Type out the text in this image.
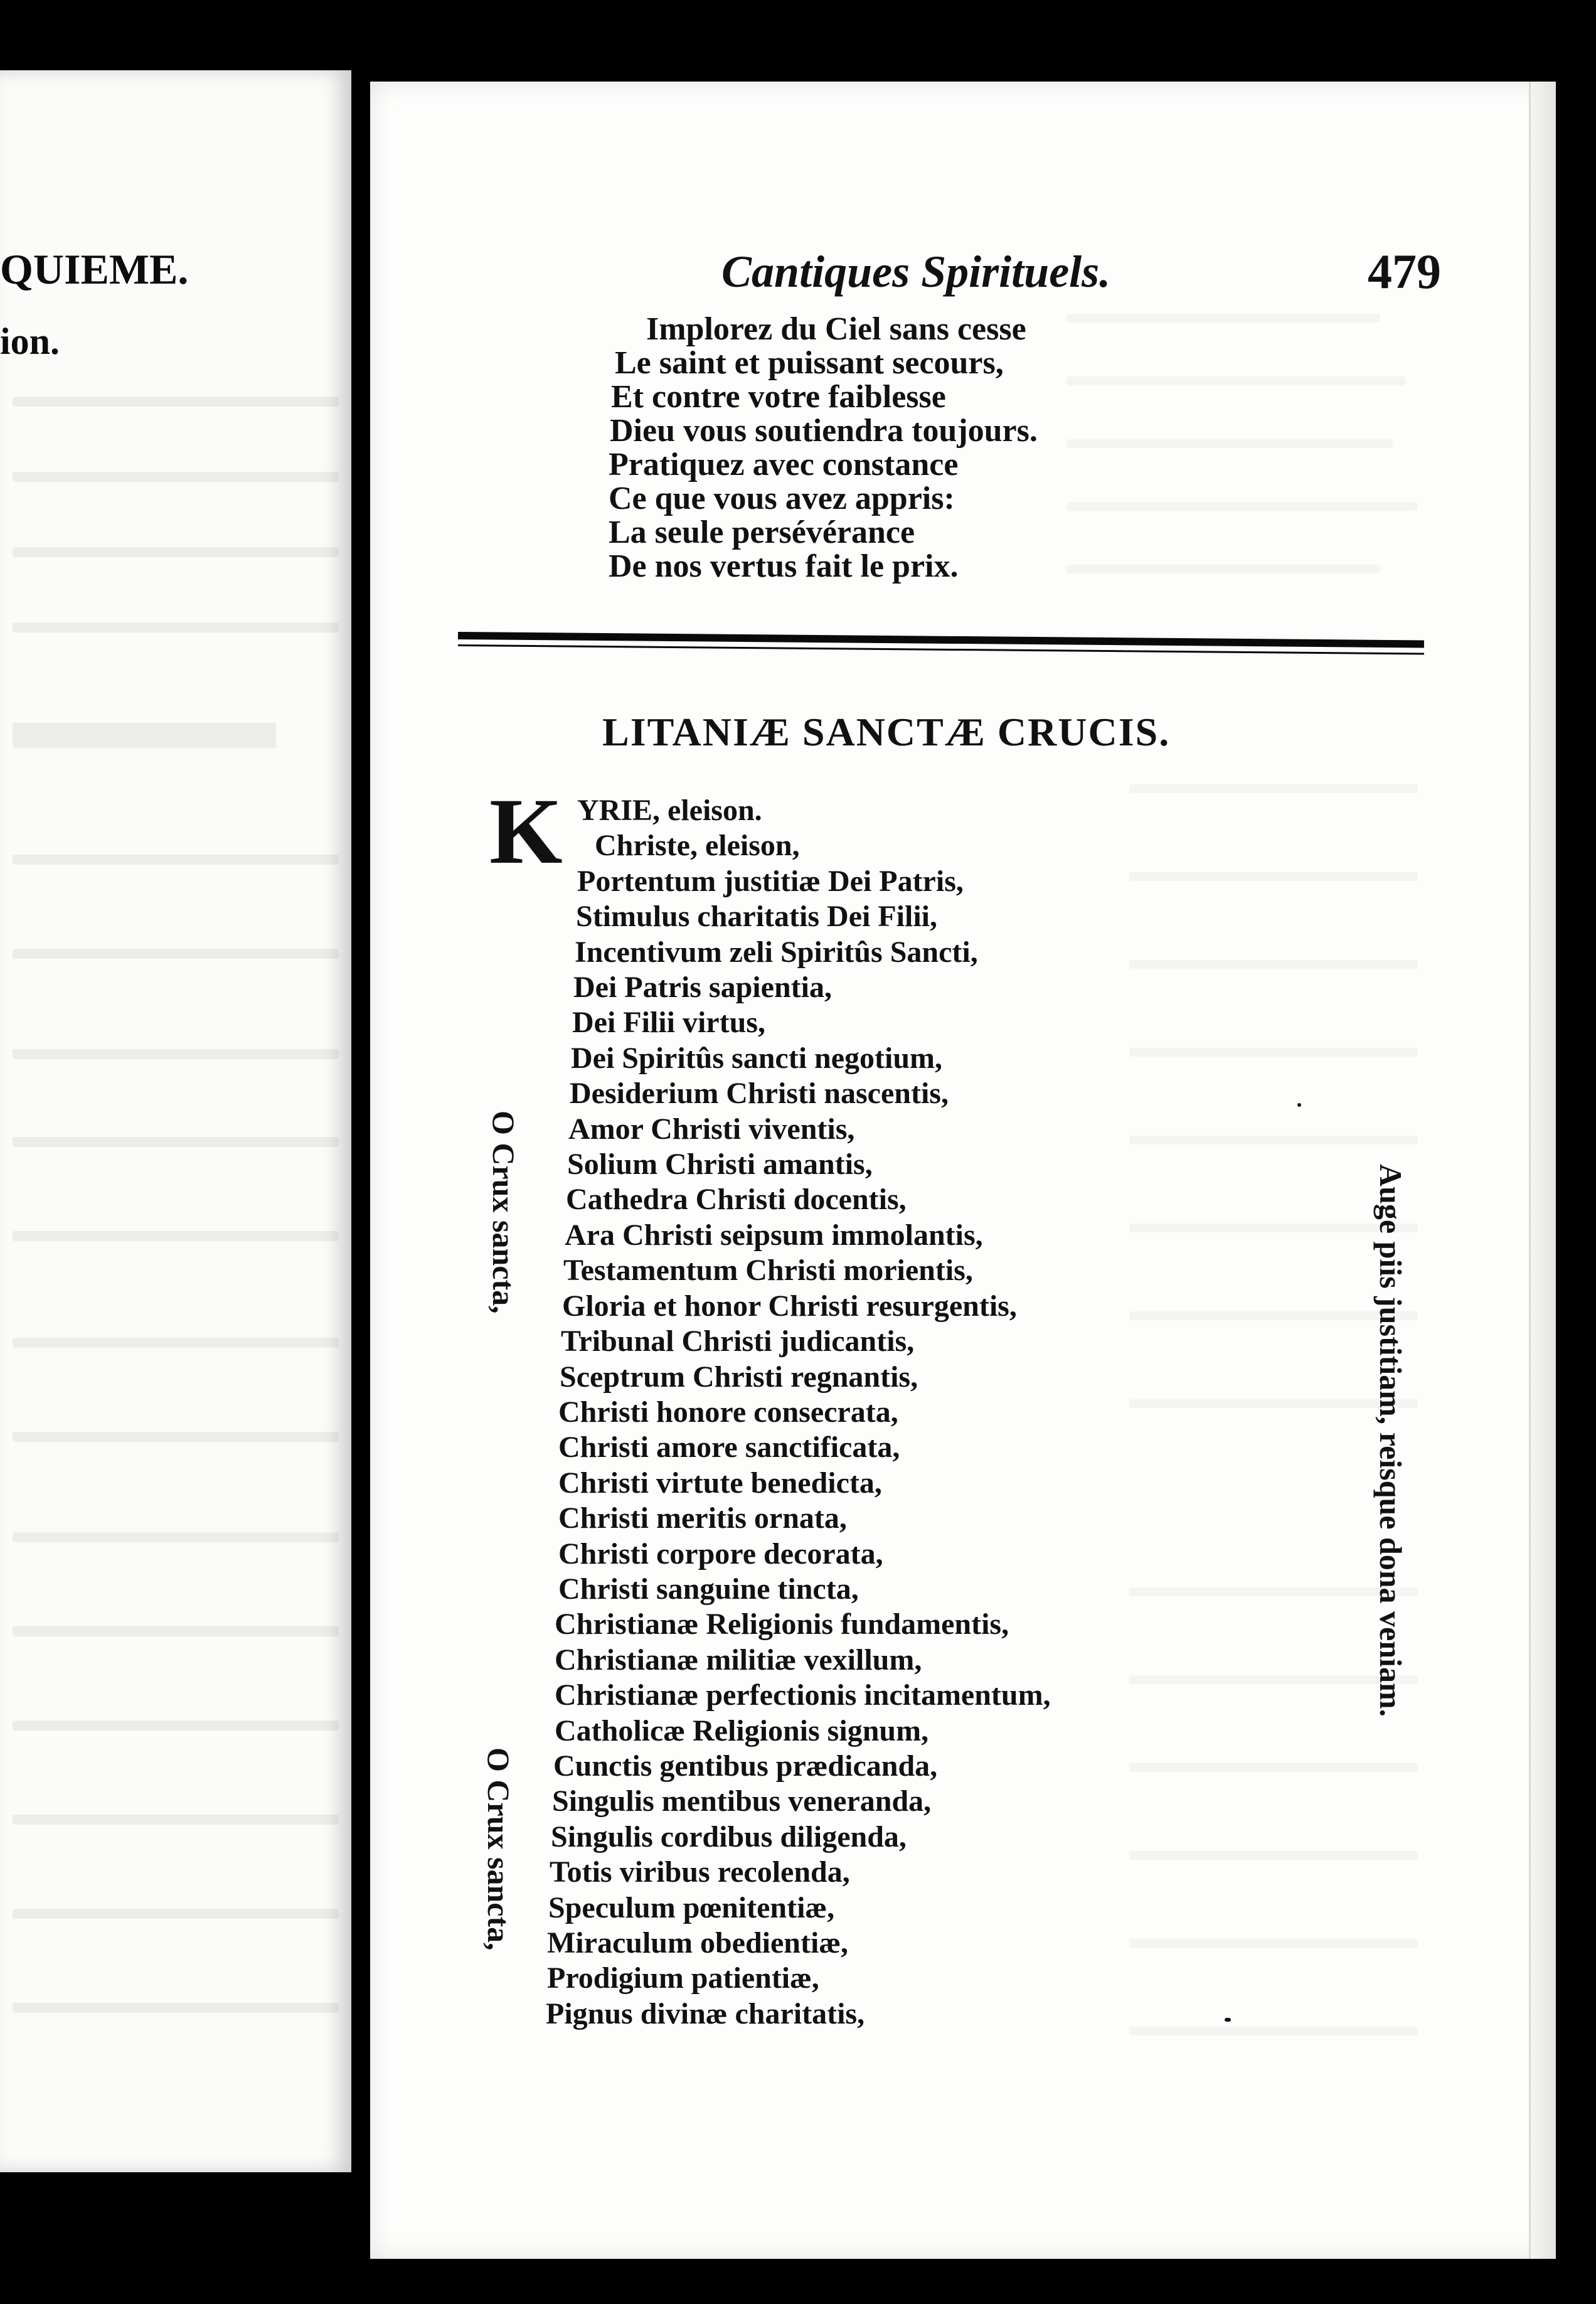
QUIEME.
ion.
Cantiques Spirituels.	479
Implorez du Ciel sans cesse
Le saint et puissant secours,
Et contre votre faiblesse
Dieu vous soutiendra toujours.
Pratiquez avec constance
Ce que vous avez appris:
La seule persévérance
De nos vertus fait le prix.
LITANIÆ SANCTÆ CRUCIS.
K YRIE, eleison.
Christe, eleison,
Portentum justitiæ Dei Patris,
Stimulus charitatis Dei Filii,
Incentivum zeli Spiritûs Sancti,
Dei Patris sapientia,
Dei Filii virtus,
Dei Spiritûs sancti negotium,
Desiderium Christi nascentis,
Amor Christi viventis,
Solium Christi amantis,
Cathedra Christi docentis,
Ara Christi seipsum immolantis,
Testamentum Christi morientis,
Gloria et honor Christi resurgentis,
Tribunal Christi judicantis,
Sceptrum Christi regnantis,
Christi honore consecrata,
Christi amore sanctificata,
Christi virtute benedicta,
Christi meritis ornata,
Christi corpore decorata,
Christi sanguine tincta,
Christianæ Religionis fundamentis,
Christianæ militiæ vexillum,
Christianæ perfectionis incitamentum,
Catholicæ Religionis signum,
Cunctis gentibus prædicanda,
Singulis mentibus veneranda,
Singulis cordibus diligenda,
Totis viribus recolenda,
Speculum pœnitentiæ,
Miraculum obedientiæ,
Prodigium patientiæ,
Pignus divinæ charitatis,
O Crux sancta,
O Crux sancta,
Auge piis justitiam, reisque dona veniam.
